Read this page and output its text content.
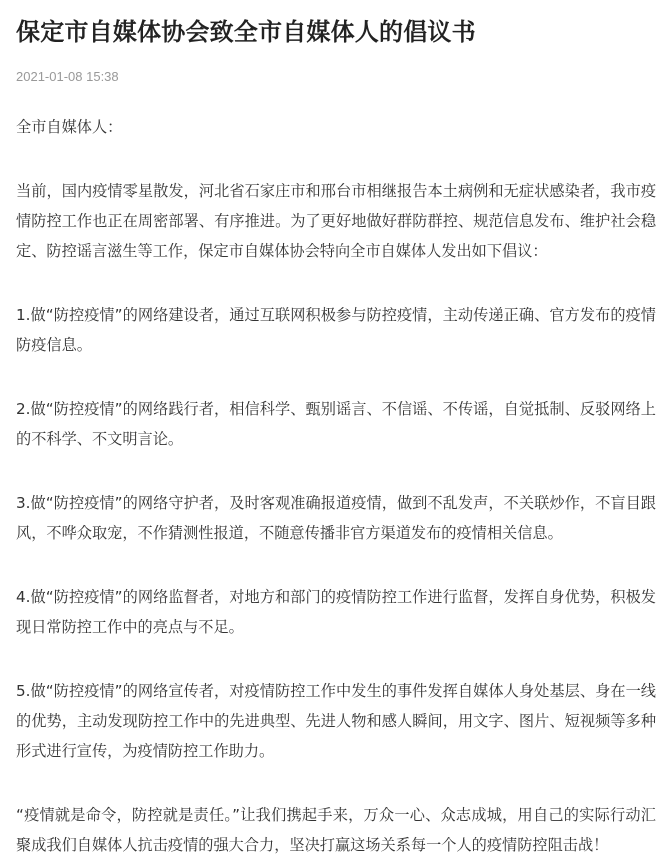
保定市自媒体协会致全市自媒体人的倡议书
2021-01-08 15:38

全市自媒体人：

当前，国内疫情零星散发，河北省石家庄市和邢台市相继报告本土病例和无症状感染者，我市疫情防控工作也正在周密部署、有序推进。为了更好地做好群防群控、规范信息发布、维护社会稳定、防控谣言滋生等工作，保定市自媒体协会特向全市自媒体人发出如下倡议：

1.做“防控疫情”的网络建设者，通过互联网积极参与防控疫情，主动传递正确、官方发布的疫情防疫信息。

2.做“防控疫情”的网络践行者，相信科学、甄别谣言、不信谣、不传谣，自觉抵制、反驳网络上的不科学、不文明言论。

3.做“防控疫情”的网络守护者，及时客观准确报道疫情，做到不乱发声，不关联炒作，不盲目跟风，不哗众取宠，不作猜测性报道，不随意传播非官方渠道发布的疫情相关信息。

4.做“防控疫情”的网络监督者，对地方和部门的疫情防控工作进行监督，发挥自身优势，积极发现日常防控工作中的亮点与不足。

5.做“防控疫情”的网络宣传者，对疫情防控工作中发生的事件发挥自媒体人身处基层、身在一线的优势，主动发现防控工作中的先进典型、先进人物和感人瞬间，用文字、图片、短视频等多种形式进行宣传，为疫情防控工作助力。

“疫情就是命令，防控就是责任。”让我们携起手来，万众一心、众志成城，用自己的实际行动汇聚成我们自媒体人抗击疫情的强大合力，坚决打赢这场关系每一个人的疫情防控阻击战！
